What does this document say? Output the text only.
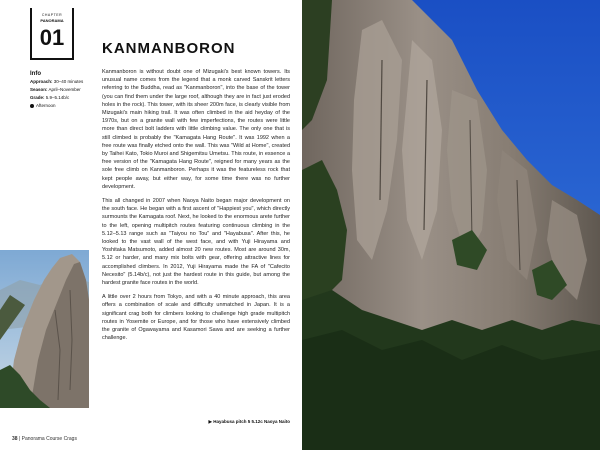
CHAPTER
PANORAMA
01	KANMANBORON
Info
Approach: 30–40 minutes
Season: April–November
Grade: 5.9–5.14b/c
Afternoon

Kanmanboron is without doubt one of Mizugaki's best known towers. Its unusual name comes from the legend that a monk carved Sanskrit letters referring to the Buddha, read as "Kanmanboron", into the base of the tower (you can find them under the large roof, although they are in fact just eroded holes in the rock). This tower, with its sheer 200m face, is clearly visible from Mizugaki's main hiking trail. It was often climbed in the aid heyday of the 1970s, but on a granite wall with few imperfections, the routes were little more than direct bolt ladders with little climbing value. The only one that is still climbed is probably the "Kamagata Hang Route". It was 1992 when a free route was finally etched onto the wall. This was "Wild at Home", created by Taihei Kato, Tokio Muroi and Shigemitsu Umetsu. This route, in essence a free version of the "Kamagata Hang Route", reigned for many years as the sole free climb on Kanmanboron. Perhaps it was the featureless rock that kept people away, but either way, for some time there was no further development.

This all changed in 2007 when Naoya Naito began major development on the south face. He began with a first ascent of "Happiest you", which directly surmounts the Kamagata roof. Next, he looked to the enormous arete further to the left, opening multipitch routes featuring continuous climbing in the 5.12–5.13 range such as "Taiyou no Tou" and "Hayabusa". After this, he looked to the vast wall of the west face, and with Yuji Hirayama and Yoshitaka Matsumoto, added almost 20 new routes. Most are around 30m, 5.12 or harder, and many mix bolts with gear, offering attractive lines for accomplished climbers. In 2012, Yuji Hirayama made the FA of "Cafecito Necesito" (5.14b/c), not just the hardest route in this guide, but among the hardest granite face routes in the world.

A little over 2 hours from Tokyo, and with a 40 minute approach, this area offers a combination of scale and difficulty unmatched in Japan. It is a significant crag both for climbers looking to challenge high grade multipitch routes in Yosemite or Europe, and for those who have extensively climbed the granite of Ogawayama and Kasamori Sawa and are seeking a further challenge.

▶ Hayabusa pitch 5 5.12c Naoya Naito
38 | Panorama Course Crags
